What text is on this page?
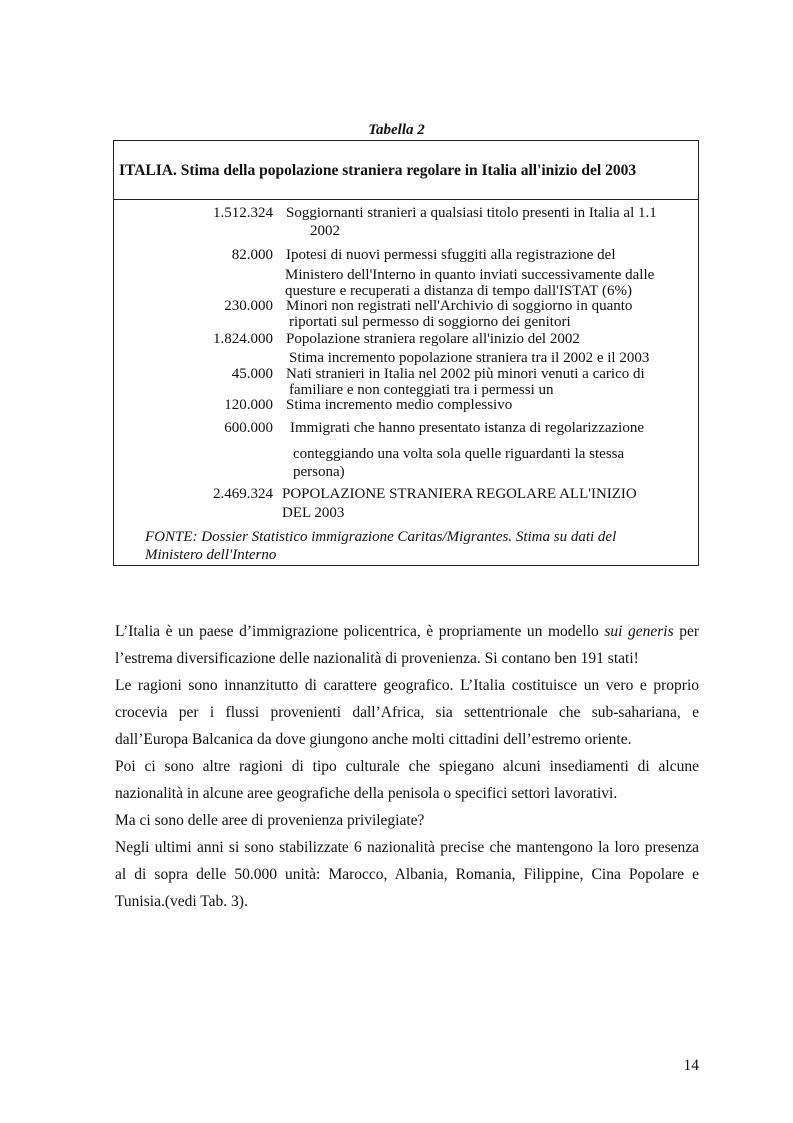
Tabella 2
ITALIA. Stima della popolazione straniera regolare in Italia all'inizio del 2003
1.512.324 Soggiornanti stranieri a qualsiasi titolo presenti in Italia al 1.1
2002
82.000 Ipotesi di nuovi permessi sfuggiti alla registrazione del
Ministero dell'Interno in quanto inviati successivamente dalle
questure e recuperati a distanza di tempo dall'ISTAT (6%)
230.000 Minori non registrati nell'Archivio di soggiorno in quanto
riportati sul permesso di soggiorno dei genitori
1.824.000 Popolazione straniera regolare all'inizio del 2002
Stima incremento popolazione straniera tra il 2002 e il 2003
45.000 Nati stranieri in Italia nel 2002 più minori venuti a carico di
familiare e non conteggiati tra i permessi un
120.000 Stima incremento medio complessivo
600.000 Immigrati che hanno presentato istanza di regolarizzazione
conteggiando una volta sola quelle riguardanti la stessa
persona)
2.469.324 POPOLAZIONE STRANIERA REGOLARE ALL'INIZIO
DEL 2003
FONTE: Dossier Statistico immigrazione Caritas/Migrantes. Stima su dati del
Ministero dell'Interno
L’Italia è un paese d’immigrazione policentrica, è propriamente un modello sui generis per
l’estrema diversificazione delle nazionalità di provenienza. Si contano ben 191 stati!
Le ragioni sono innanzitutto di carattere geografico. L’Italia costituisce un vero e proprio
crocevia per i flussi provenienti dall’Africa, sia settentrionale che sub-sahariana, e
dall’Europa Balcanica da dove giungono anche molti cittadini dell’estremo oriente.
Poi ci sono altre ragioni di tipo culturale che spiegano alcuni insediamenti di alcune
nazionalità in alcune aree geografiche della penisola o specifici settori lavorativi.
Ma ci sono delle aree di provenienza privilegiate?
Negli ultimi anni si sono stabilizzate 6 nazionalità precise che mantengono la loro presenza
al di sopra delle 50.000 unità: Marocco, Albania, Romania, Filippine, Cina Popolare e
Tunisia.(vedi Tab. 3).
14
